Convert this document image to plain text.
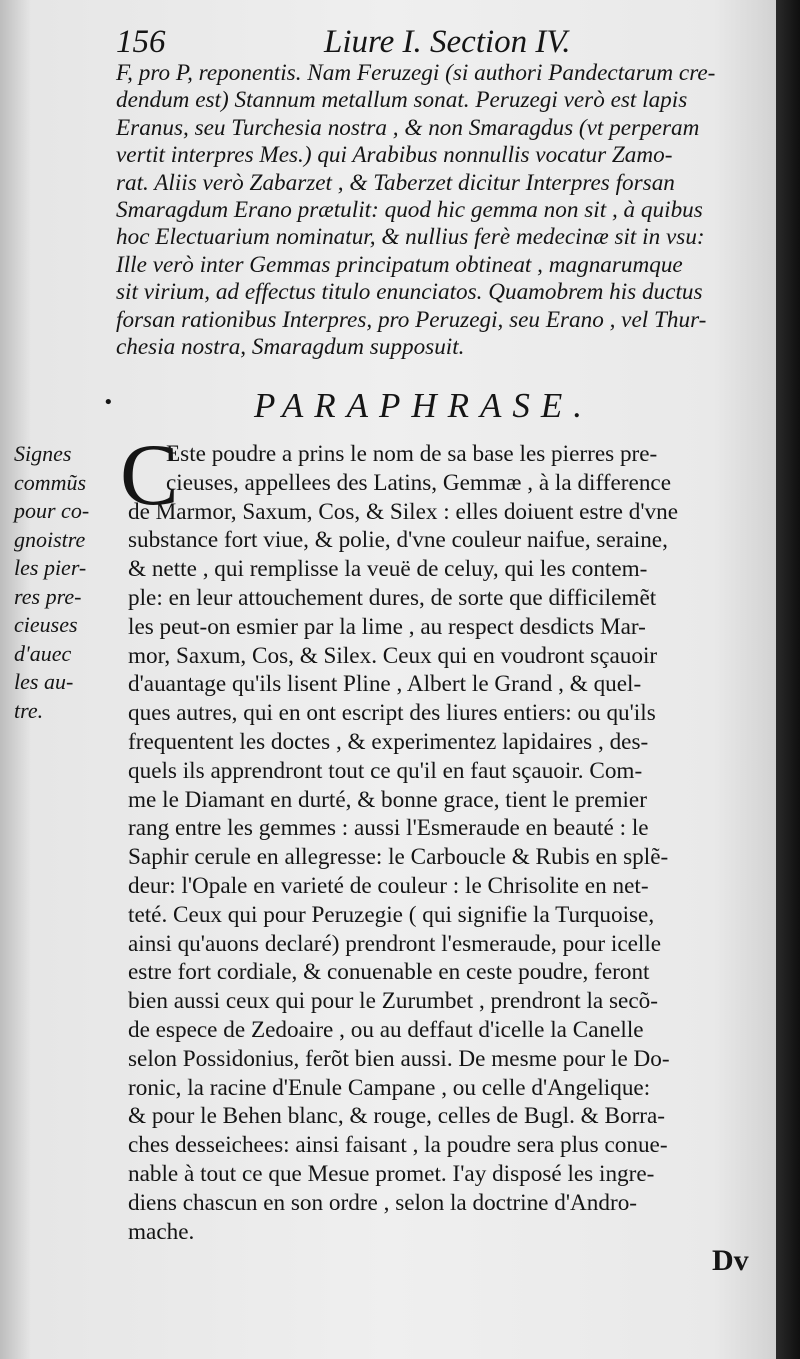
156	Liure I. Section IV.
F, pro P, reponentis. Nam Feruzegi (si authori Pandectarum cre-
dendum est) Stannum metallum sonat. Peruzegi verò est lapis
Eranus, seu Turchesia nostra , & non Smaragdus (vt perperam
vertit interpres Mes.) qui Arabibus nonnullis vocatur Zamo-
rat. Aliis verò Zabarzet , & Taberzet dicitur Interpres forsan
Smaragdum Erano prætulit: quod hic gemma non sit , à quibus
hoc Electuarium nominatur, & nullius ferè medecinæ sit in vsu:
Ille verò inter Gemmas principatum obtineat , magnarumque
sit virium, ad effectus titulo enunciatos. Quamobrem his ductus
forsan rationibus Interpres, pro Peruzegi, seu Erano , vel Thur-
chesia nostra, Smaragdum supposuit.
•	PARAPHRASE.
Signes
commũs
pour co-
gnoistre
les pier-
res pre-
cieuses
d'auec
les au-
tre.
C
Este poudre a prins le nom de sa base les pierres pre-
cieuses, appellees des Latins, Gemmæ , à la difference
de Marmor, Saxum, Cos, & Silex : elles doiuent estre d'vne
substance fort viue, & polie, d'vne couleur naifue, seraine,
& nette , qui remplisse la veuë de celuy, qui les contem-
ple: en leur attouchement dures, de sorte que difficilemẽt
les peut-on esmier par la lime , au respect desdicts Mar-
mor, Saxum, Cos, & Silex. Ceux qui en voudront sçauoir
d'auantage qu'ils lisent Pline , Albert le Grand , & quel-
ques autres, qui en ont escript des liures entiers: ou qu'ils
frequentent les doctes , & experimentez lapidaires , des-
quels ils apprendront tout ce qu'il en faut sçauoir. Com-
me le Diamant en durté, & bonne grace, tient le premier
rang entre les gemmes : aussi l'Esmeraude en beauté : le
Saphir cerule en allegresse: le Carboucle & Rubis en splẽ-
deur: l'Opale en varieté de couleur : le Chrisolite en net-
teté. Ceux qui pour Peruzegie ( qui signifie la Turquoise,
ainsi qu'auons declaré) prendront l'esmeraude, pour icelle
estre fort cordiale, & conuenable en ceste poudre, feront
bien aussi ceux qui pour le Zurumbet , prendront la secõ-
de espece de Zedoaire , ou au deffaut d'icelle la Canelle
selon Possidonius, ferõt bien aussi. De mesme pour le Do-
ronic, la racine d'Enule Campane , ou celle d'Angelique:
& pour le Behen blanc, & rouge, celles de Bugl. & Borra-
ches desseichees: ainsi faisant , la poudre sera plus conue-
nable à tout ce que Mesue promet. I'ay disposé les ingre-
diens chascun en son ordre , selon la doctrine d'Andro-
mache.
Dv
